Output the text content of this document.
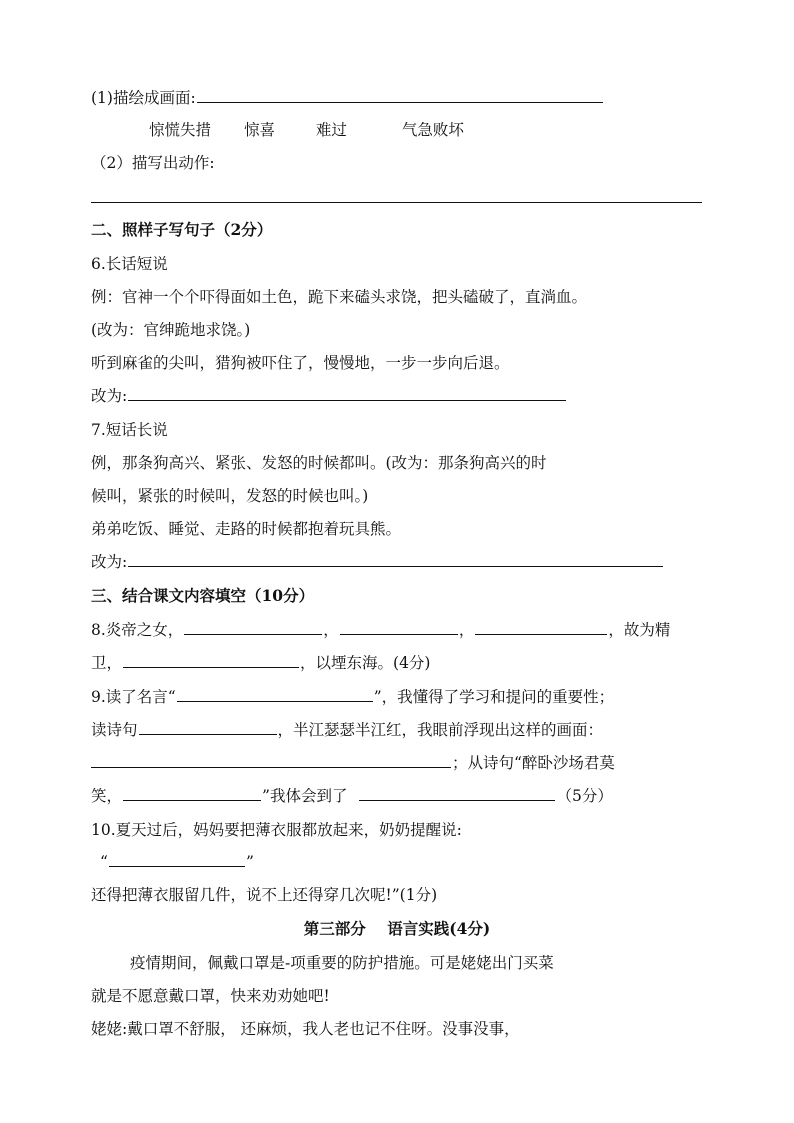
(1)描绘成画面:
惊慌失措 惊喜	难过	气急败坏
（2）描写出动作:
二、照样子写句子（2分）
6.长话短说
例：官神一个个吓得面如土色，跪下来磕头求饶，把头磕破了，直淌血。
(改为：官绅跪地求饶。)
听到麻雀的尖叫，猎狗被吓住了，慢慢地，一步一步向后退。
改为:
7.短话长说
例，那条狗高兴、紧张、发怒的时候都叫。(改为：那条狗高兴的时
候叫，紧张的时候叫，发怒的时候也叫。)
弟弟吃饭、睡觉、走路的时候都抱着玩具熊。
改为:
三、结合课文内容填空（10分）
8.炎帝之女，	，	，	，故为精
卫，	，以堙东海。(4分)
9.读了名言“	”，我懂得了学习和提问的重要性；
读诗句	，半江瑟瑟半江红，我眼前浮现出这样的画面：
；从诗句“醉卧沙场君莫
笑，	”我体会到了	（5分）
10.夏天过后，妈妈要把薄衣服都放起来，奶奶提醒说:
“	”
还得把薄衣服留几件，说不上还得穿几次呢!”(1分)
第三部分    语言实践(4分)
疫情期间，佩戴口罩是-项重要的防护措施。可是姥姥出门买菜
就是不愿意戴口罩，快来劝劝她吧!
姥姥:戴口罩不舒服， 还麻烦，我人老也记不住呀。没事没事，
